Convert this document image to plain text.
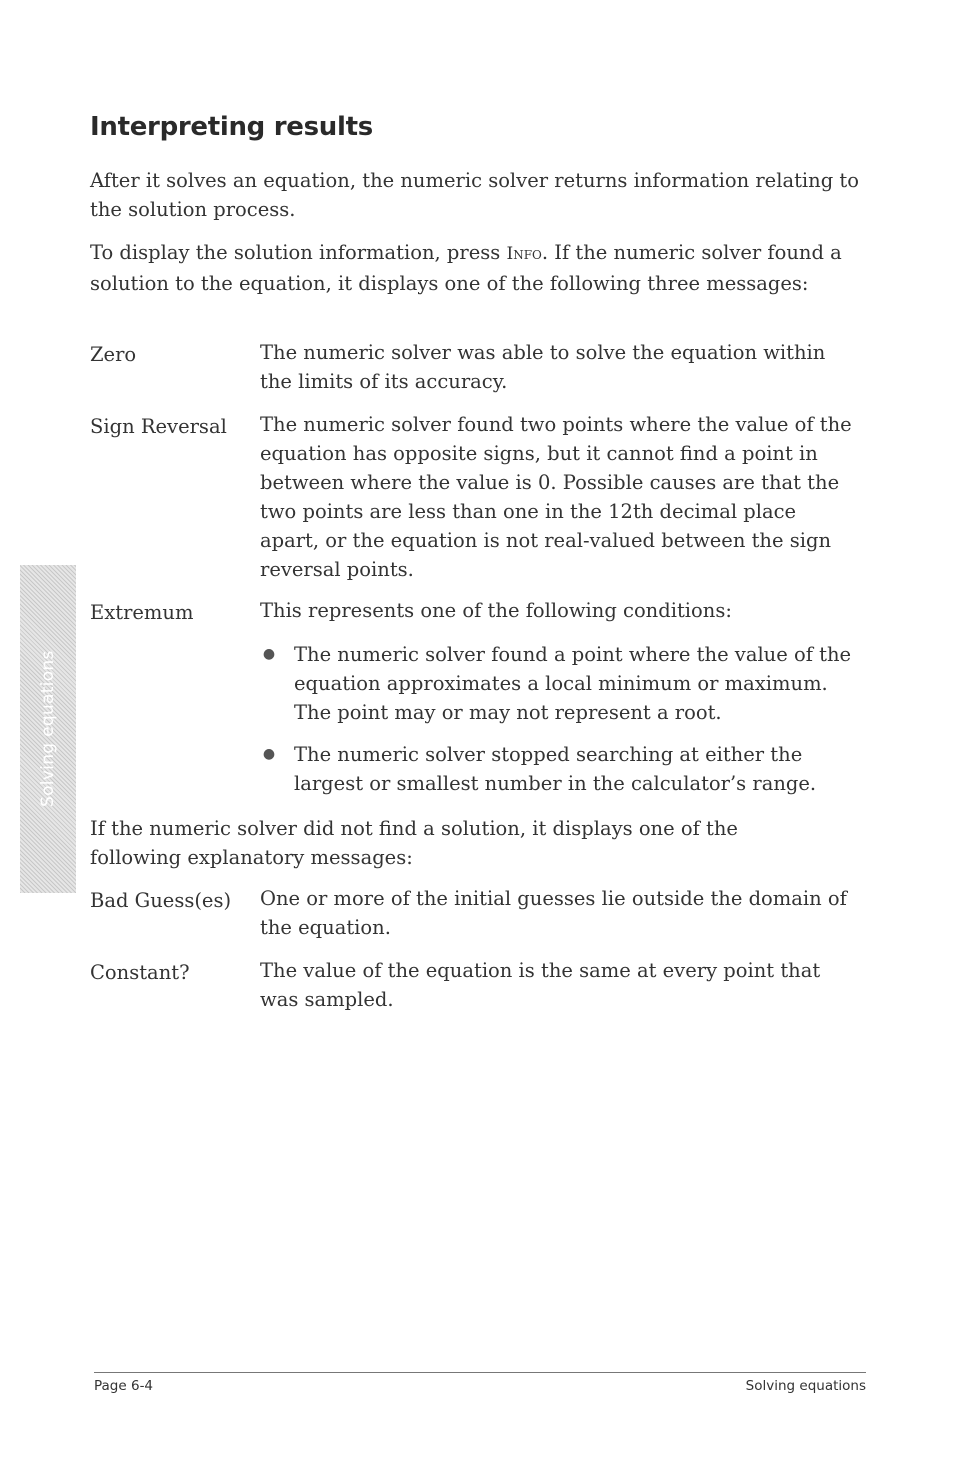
Solving equations
Interpreting results

After it solves an equation, the numeric solver returns information relating to the solution process.

To display the solution information, press Info. If the numeric solver found a solution to the equation, it displays one of the following three messages:

Zero	The numeric solver was able to solve the equation within the limits of its accuracy.

Sign Reversal The numeric solver found two points where the value of the equation has opposite signs, but it cannot find a point in between where the value is 0. Possible causes are that the two points are less than one in the 12th decimal place apart, or the equation is not real-valued between the sign reversal points.

Extremum	This represents one of the following conditions:

● The numeric solver found a point where the value of the equation approximates a local minimum or maximum. The point may or may not represent a root.
● The numeric solver stopped searching at either the largest or smallest number in the calculator’s range.

If the numeric solver did not find a solution, it displays one of the following explanatory messages:

Bad Guess(es) One or more of the initial guesses lie outside the domain of the equation.

Constant?	The value of the equation is the same at every point that was sampled.

Page 6-4	Solving equations
